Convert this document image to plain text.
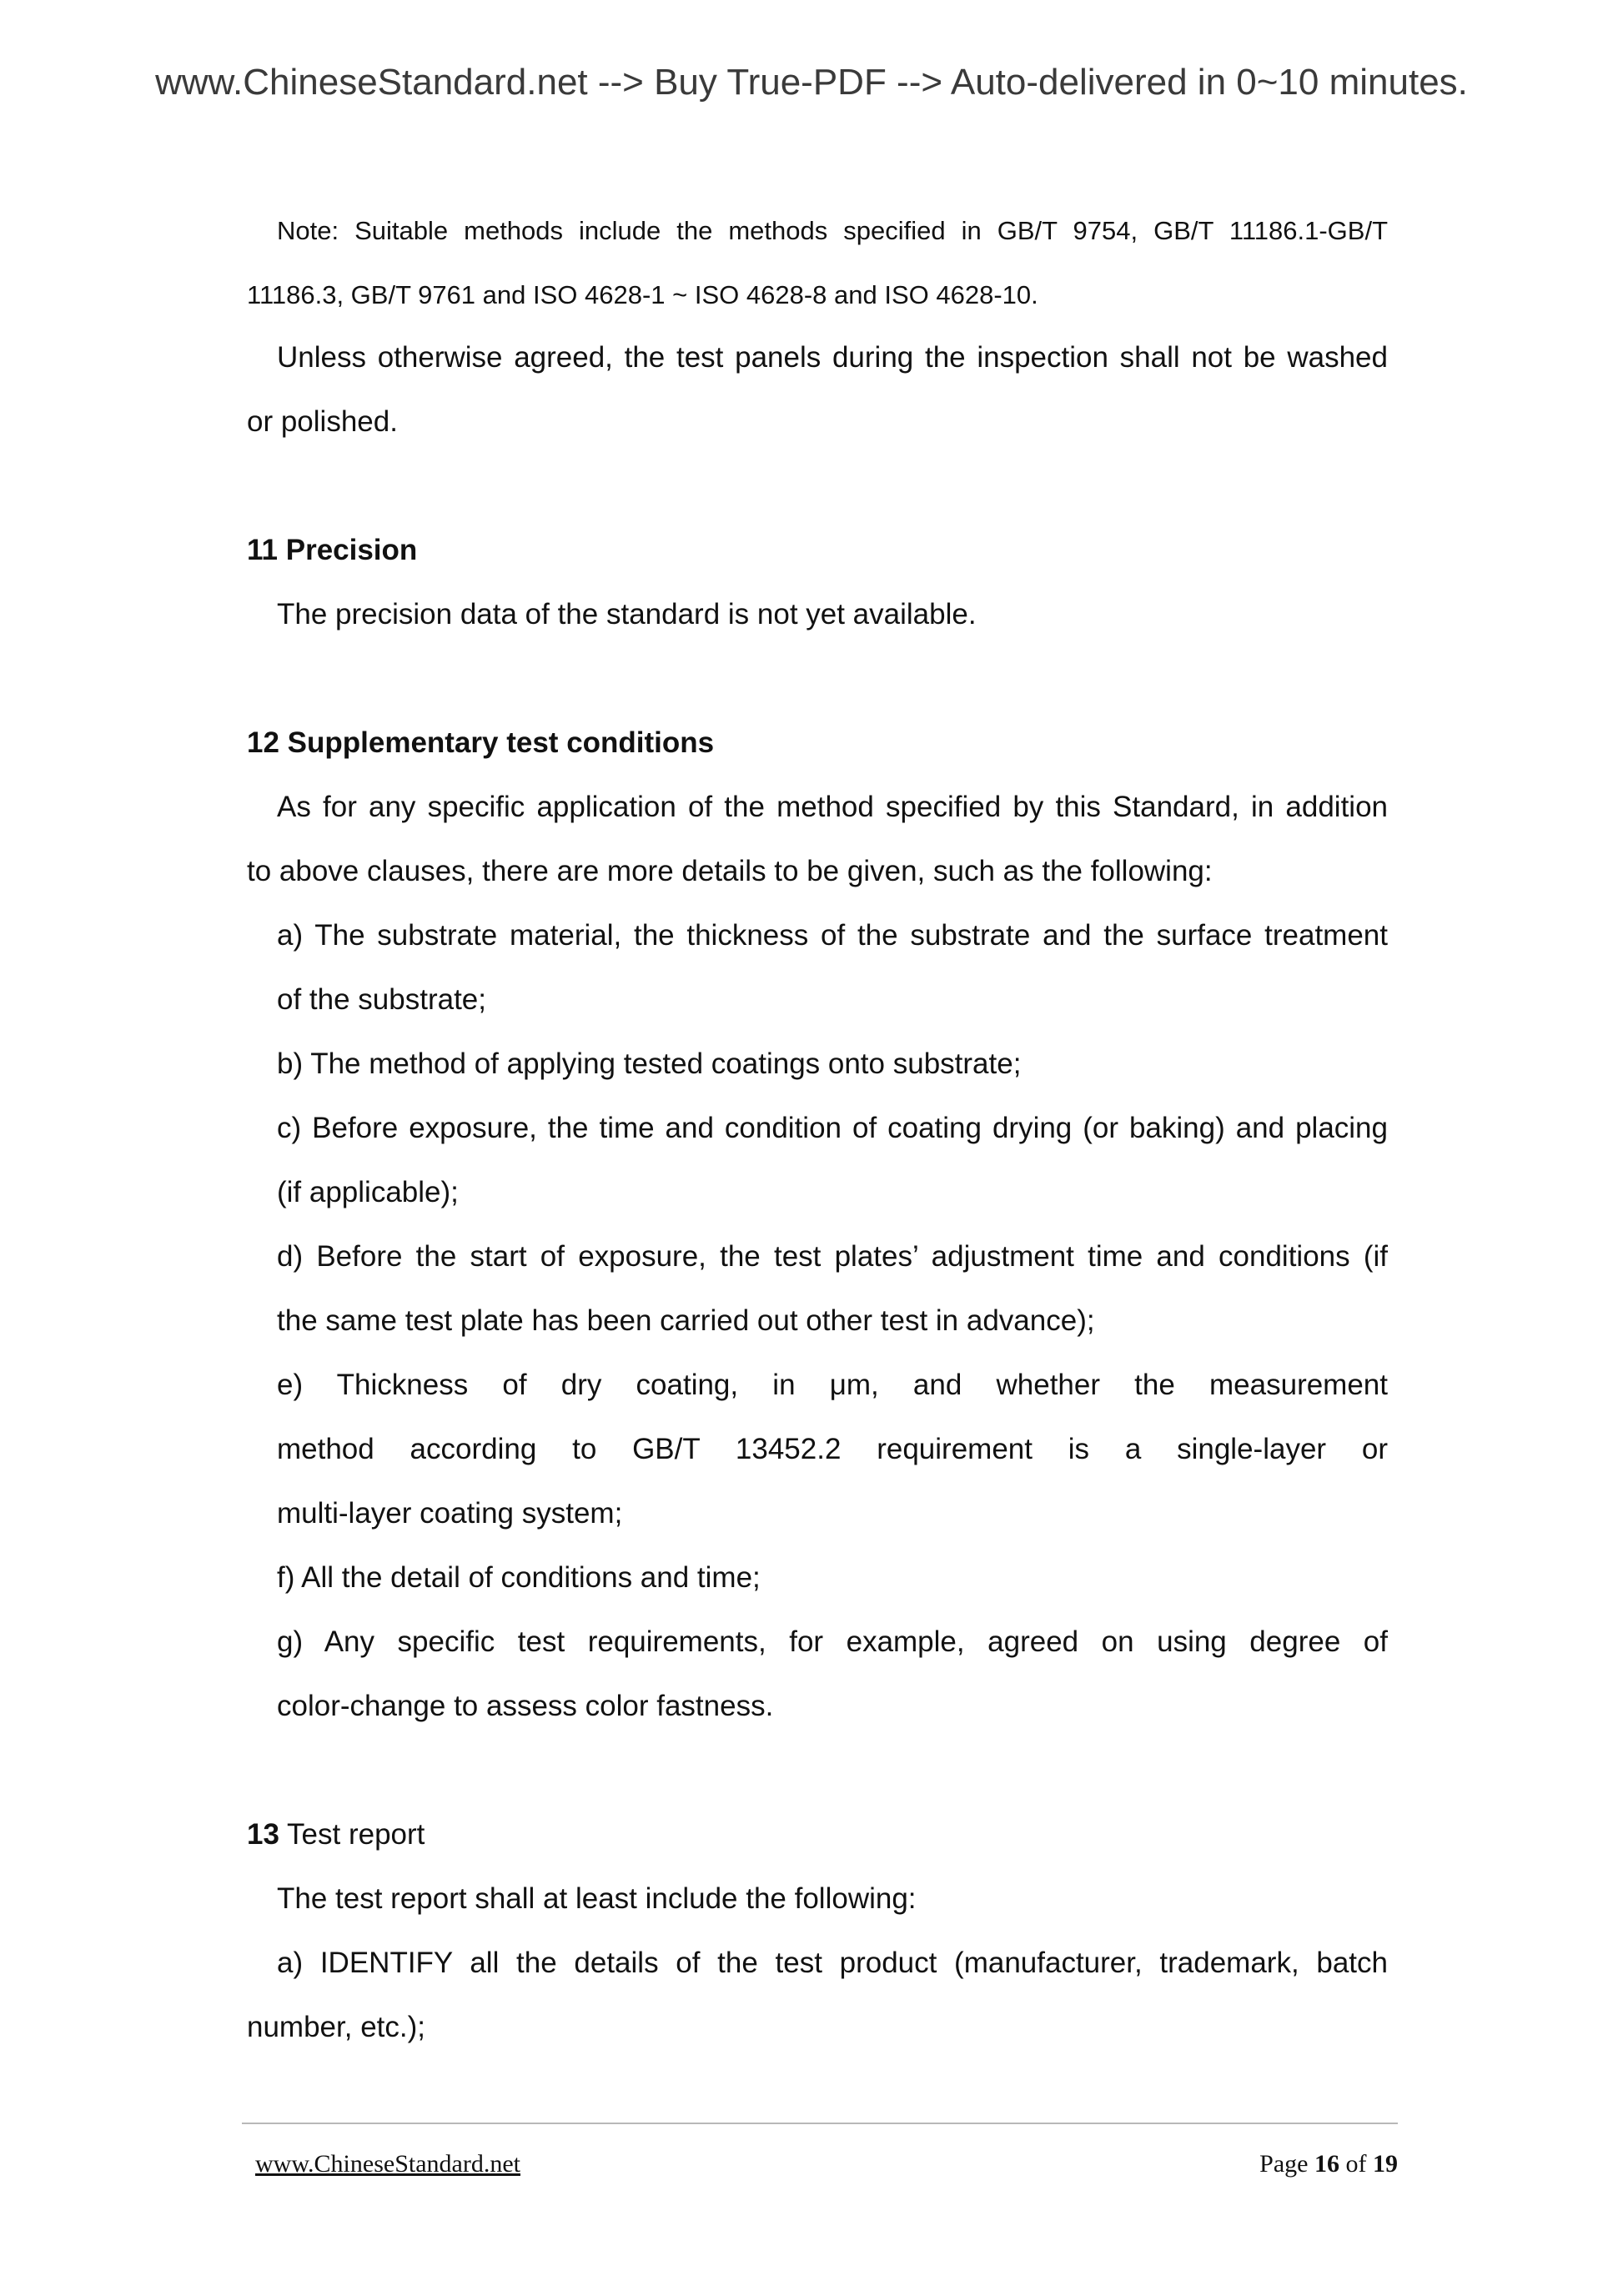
www.ChineseStandard.net --> Buy True-PDF --> Auto-delivered in 0~10 minutes.
Note: Suitable methods include the methods specified in GB/T 9754, GB/T 11186.1-GB/T
11186.3, GB/T 9761 and ISO 4628-1 ~ ISO 4628-8 and ISO 4628-10.
Unless otherwise agreed, the test panels during the inspection shall not be washed
or polished.
11 Precision
The precision data of the standard is not yet available.
12 Supplementary test conditions
As for any specific application of the method specified by this Standard, in addition
to above clauses, there are more details to be given, such as the following:
a) The substrate material, the thickness of the substrate and the surface treatment
of the substrate;
b) The method of applying tested coatings onto substrate;
c) Before exposure, the time and condition of coating drying (or baking) and placing
(if applicable);
d) Before the start of exposure, the test plates’ adjustment time and conditions (if
the same test plate has been carried out other test in advance);
e) Thickness of dry coating, in μm, and whether the measurement
method according to GB/T 13452.2 requirement is a single-layer or
multi-layer coating system;
f) All the detail of conditions and time;
g) Any specific test requirements, for example, agreed on using degree of
color-change to assess color fastness.
13 Test report
The test report shall at least include the following:
a) IDENTIFY all the details of the test product (manufacturer, trademark, batch
number, etc.);
www.ChineseStandard.net	Page 16 of 19
